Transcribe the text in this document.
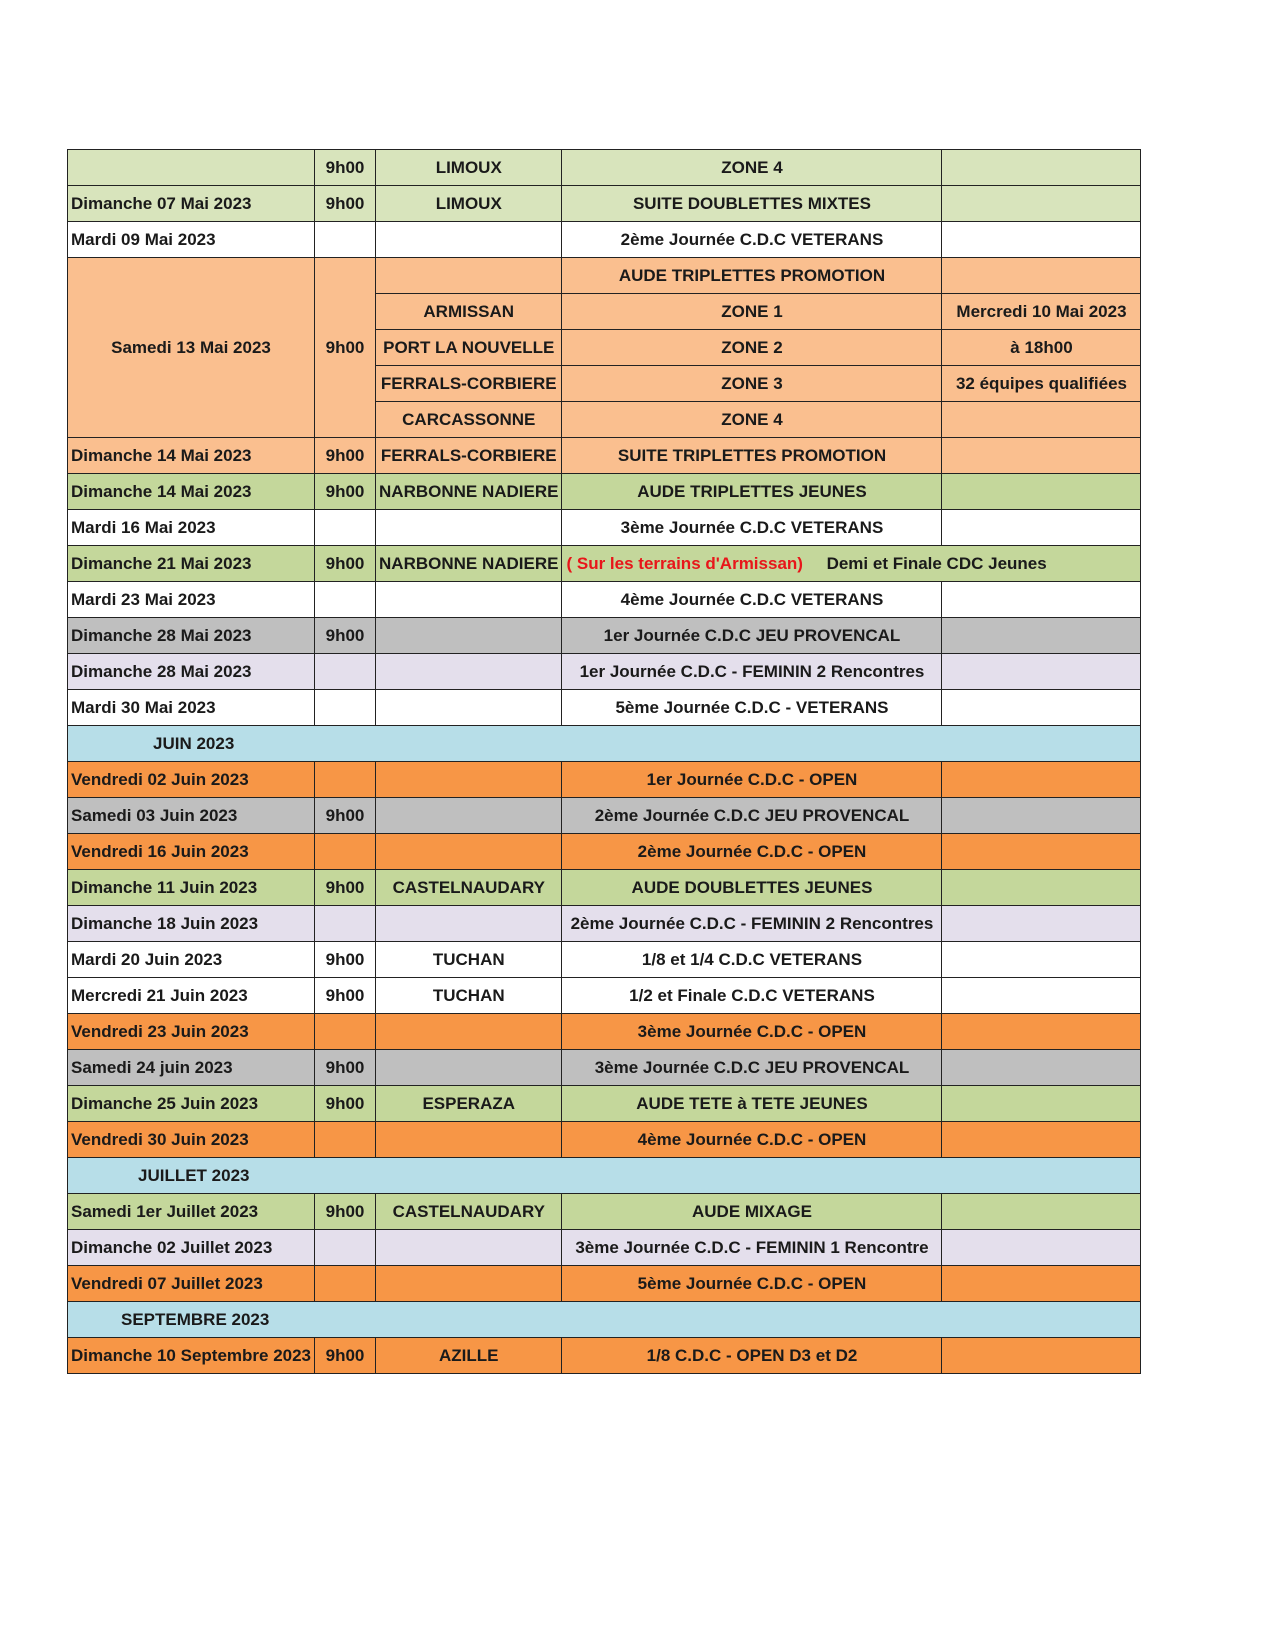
	9h00	LIMOUX	ZONE 4	
Dimanche 07 Mai 2023	9h00	LIMOUX	SUITE DOUBLETTES MIXTES	
Mardi 09 Mai 2023			2ème Journée C.D.C VETERANS	
Samedi 13 Mai 2023	9h00		AUDE TRIPLETTES PROMOTION	
		ARMISSAN	ZONE 1	Mercredi 10 Mai 2023
		PORT LA NOUVELLE	ZONE 2	à 18h00
		FERRALS-CORBIERE	ZONE 3	32 équipes qualifiées
		CARCASSONNE	ZONE 4	
Dimanche 14 Mai 2023	9h00	FERRALS-CORBIERE	SUITE TRIPLETTES PROMOTION	
Dimanche 14 Mai 2023	9h00	NARBONNE NADIERE	AUDE TRIPLETTES JEUNES	
Mardi 16 Mai 2023			3ème Journée C.D.C VETERANS	
Dimanche 21 Mai 2023	9h00	NARBONNE NADIERE	( Sur les terrains d'Armissan) Demi et Finale CDC Jeunes	
Mardi 23 Mai 2023			4ème Journée C.D.C VETERANS	
Dimanche 28 Mai 2023	9h00		1er Journée C.D.C JEU PROVENCAL	
Dimanche 28 Mai 2023			1er Journée C.D.C - FEMININ 2 Rencontres	
Mardi 30 Mai 2023			5ème Journée C.D.C - VETERANS	
JUIN 2023				
Vendredi 02 Juin 2023			1er Journée C.D.C - OPEN	
Samedi 03 Juin 2023	9h00		2ème Journée C.D.C JEU PROVENCAL	
Vendredi 16 Juin 2023			2ème Journée C.D.C - OPEN	
Dimanche 11 Juin 2023	9h00	CASTELNAUDARY	AUDE DOUBLETTES JEUNES	
Dimanche 18 Juin 2023			2ème Journée C.D.C - FEMININ 2 Rencontres	
Mardi 20 Juin 2023	9h00	TUCHAN	1/8 et 1/4 C.D.C VETERANS	
Mercredi 21 Juin 2023	9h00	TUCHAN	1/2 et Finale C.D.C VETERANS	
Vendredi 23 Juin 2023			3ème Journée C.D.C - OPEN	
Samedi 24 juin 2023	9h00		3ème Journée C.D.C JEU PROVENCAL	
Dimanche 25 Juin 2023	9h00	ESPERAZA	AUDE TETE à TETE JEUNES	
Vendredi 30 Juin 2023			4ème Journée C.D.C - OPEN	
JUILLET 2023				
Samedi 1er Juillet 2023	9h00	CASTELNAUDARY	AUDE MIXAGE	
Dimanche 02 Juillet 2023			3ème Journée C.D.C - FEMININ 1 Rencontre	
Vendredi 07 Juillet 2023			5ème Journée C.D.C - OPEN	
SEPTEMBRE 2023				
Dimanche 10 Septembre 2023	9h00	AZILLE	1/8 C.D.C - OPEN D3 et D2	
